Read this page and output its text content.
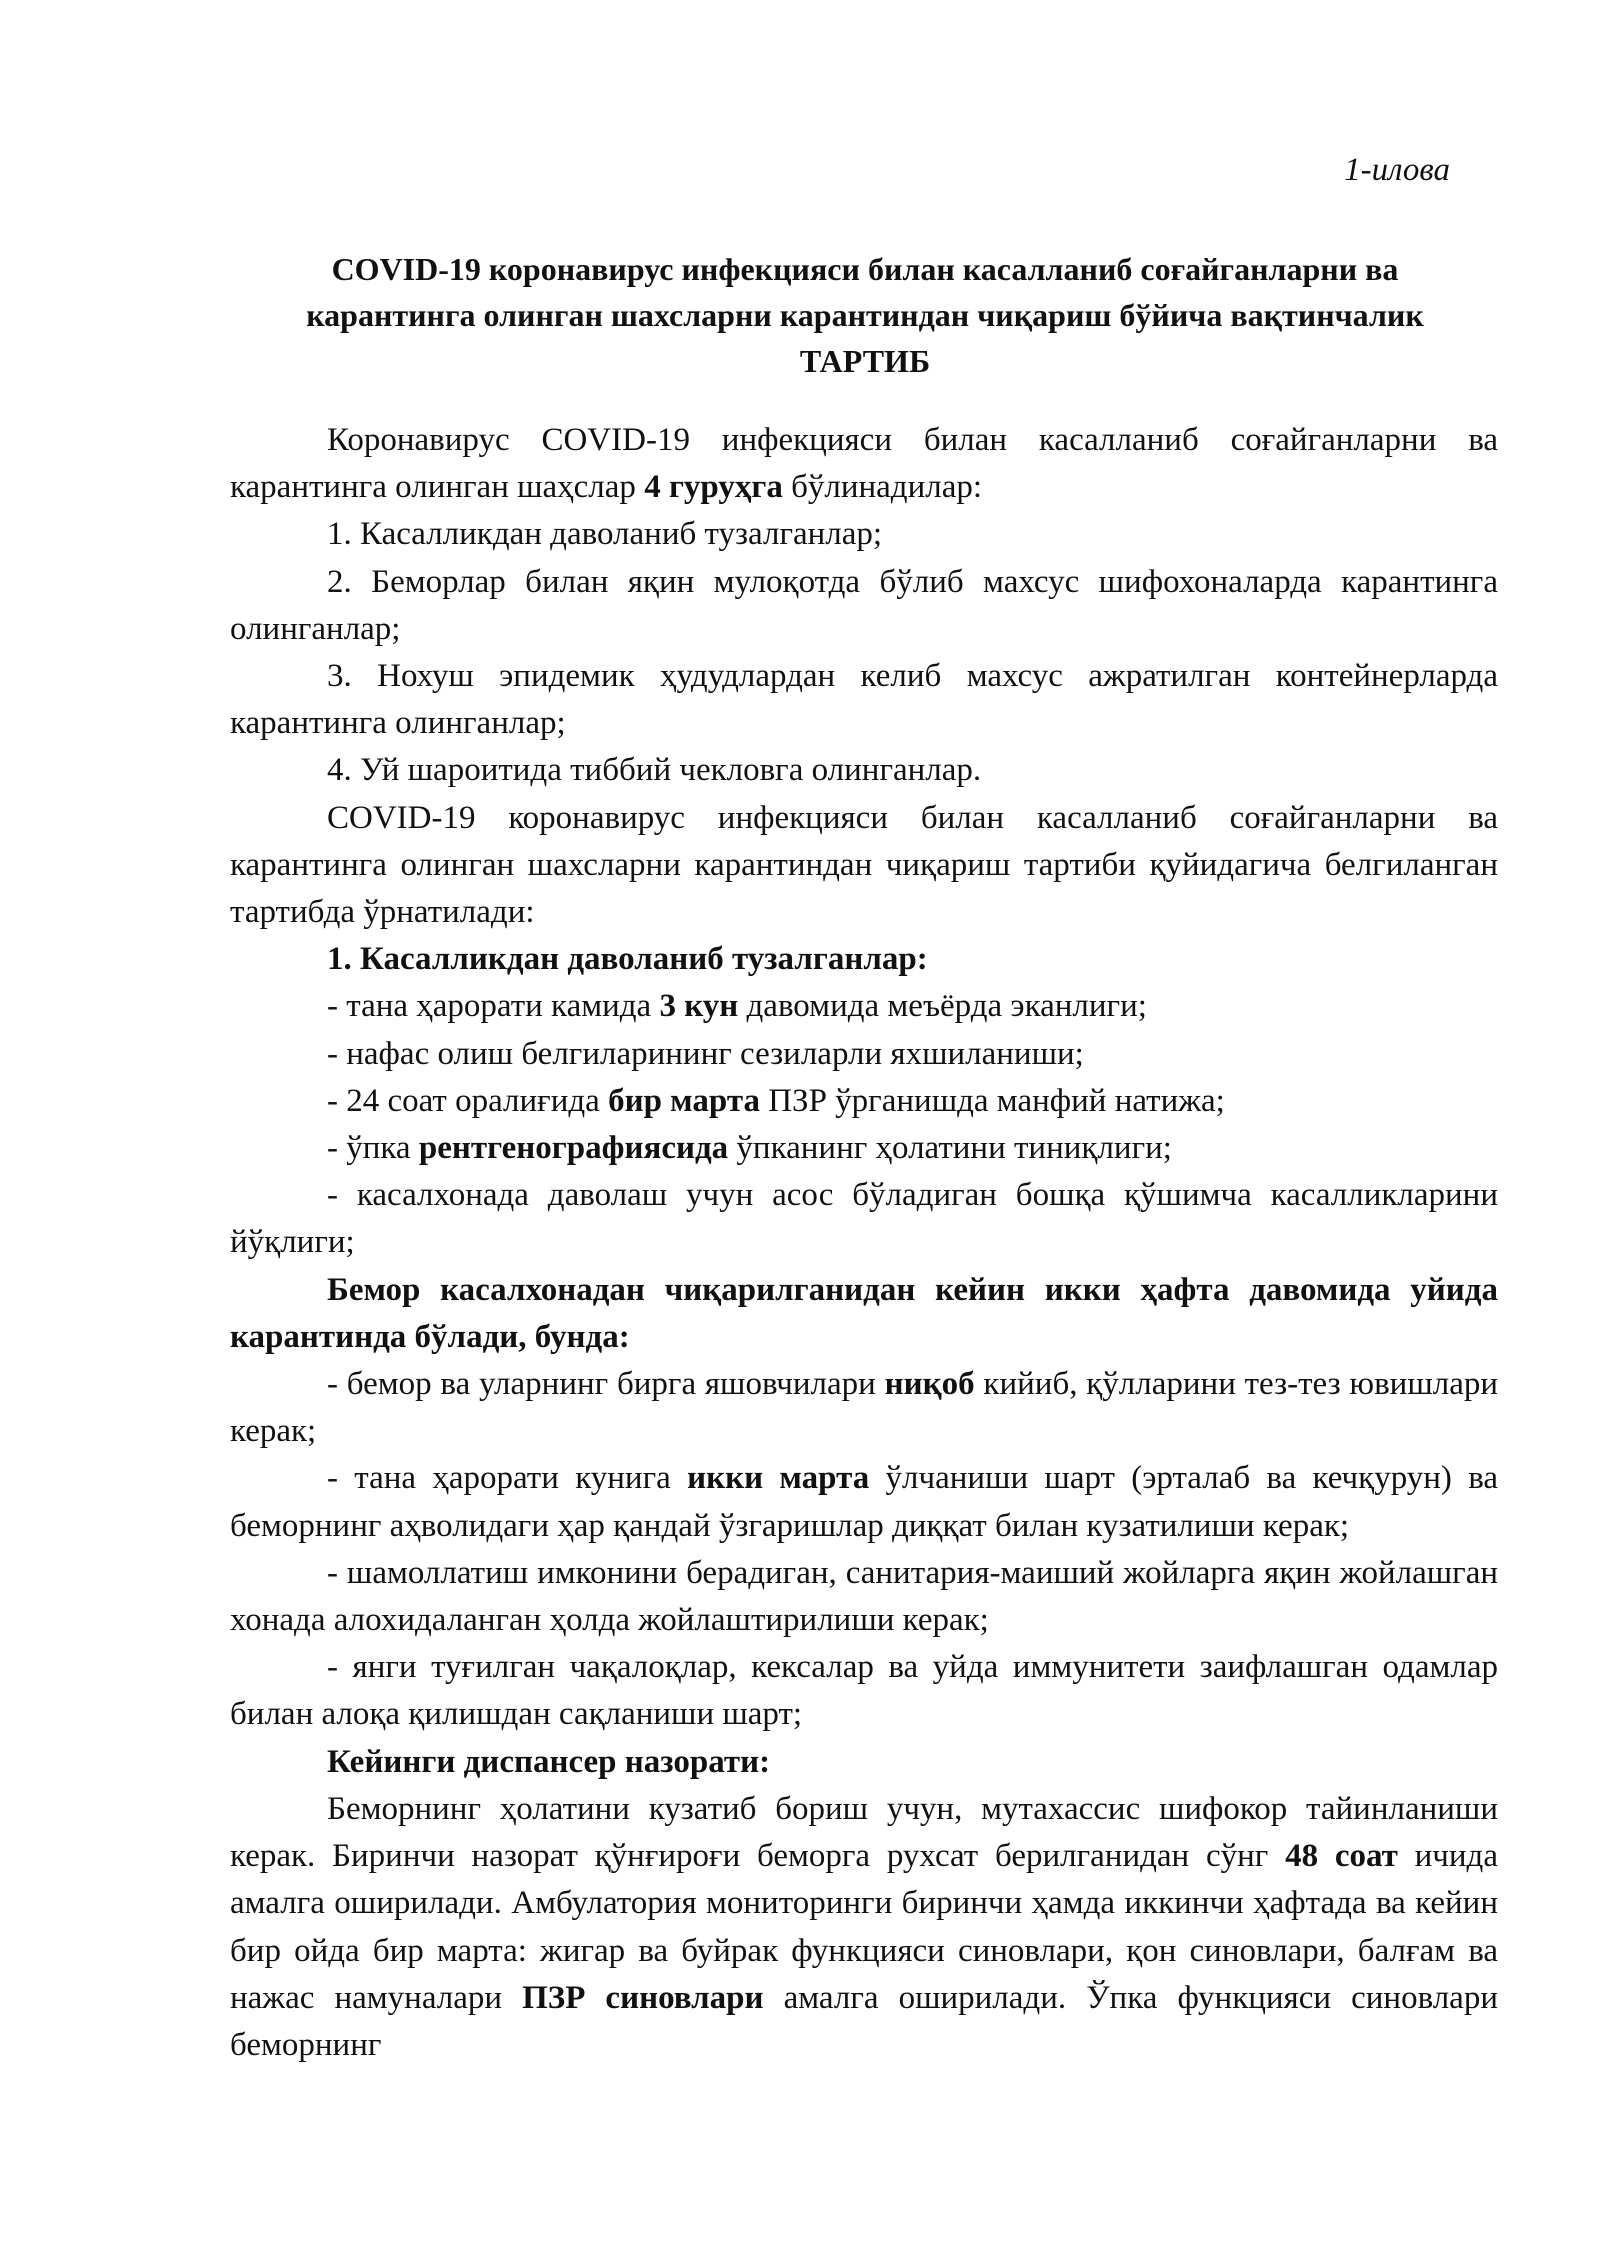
1-илова
COVID-19 коронавирус инфекцияси билан касалланиб соғайганларни ва
карантинга олинган шахсларни карантиндан чиқариш бўйича вақтинчалик
ТАРТИБ

Коронавирус COVID-19 инфекцияси билан касалланиб соғайганларни ва карантинга олинган шаҳслар 4 гуруҳга бўлинадилар:

1. Касалликдан даволаниб тузалганлар;

2. Беморлар билан яқин мулоқотда бўлиб махсус шифохоналарда карантинга олинганлар;

3. Нохуш эпидемик ҳудудлардан келиб махсус ажратилган контейнерларда карантинга олинганлар;

4. Уй шароитида тиббий чекловга олинганлар.

COVID-19 коронавирус инфекцияси билан касалланиб соғайганларни ва карантинга олинган шахсларни карантиндан чиқариш тартиби қуйидагича белгиланган тартибда ўрнатилади:

1. Касалликдан даволаниб тузалганлар:

- тана ҳарорати камида 3 кун давомида меъёрда эканлиги;

- нафас олиш белгиларининг сезиларли яхшиланиши;

- 24 соат оралиғида бир марта ПЗР ўрганишда манфий натижа;

- ўпка рентгенографиясида ўпканинг ҳолатини тиниқлиги;

- касалхонада даволаш учун асос бўладиган бошқа қўшимча касалликларини йўқлиги;

Бемор касалхонадан чиқарилганидан кейин икки ҳафта давомида уйида карантинда бўлади, бунда:

- бемор ва уларнинг бирга яшовчилари ниқоб кийиб, қўлларини тез-тез ювишлари керак;

- тана ҳарорати кунига икки марта ўлчаниши шарт (эрталаб ва кечқурун) ва беморнинг аҳволидаги ҳар қандай ўзгаришлар диққат билан кузатилиши керак;

- шамоллатиш имконини берадиган, санитария-маиший жойларга яқин жойлашган хонада алохидаланган ҳолда жойлаштирилиши керак;

- янги туғилган чақалоқлар, кексалар ва уйда иммунитети заифлашган одамлар билан алоқа қилишдан сақланиши шарт;

Кейинги диспансер назорати:

Беморнинг ҳолатини кузатиб бориш учун, мутахассис шифокор тайинланиши керак. Биринчи назорат қўнғироғи беморга рухсат берилганидан сўнг 48 соат ичида амалга оширилади. Амбулатория мониторинги биринчи ҳамда иккинчи ҳафтада ва кейин бир ойда бир марта: жигар ва буйрак функцияси синовлари, қон синовлари, балғам ва нажас намуналари ПЗР синовлари амалга оширилади. Ўпка функцияси синовлари беморнинг
